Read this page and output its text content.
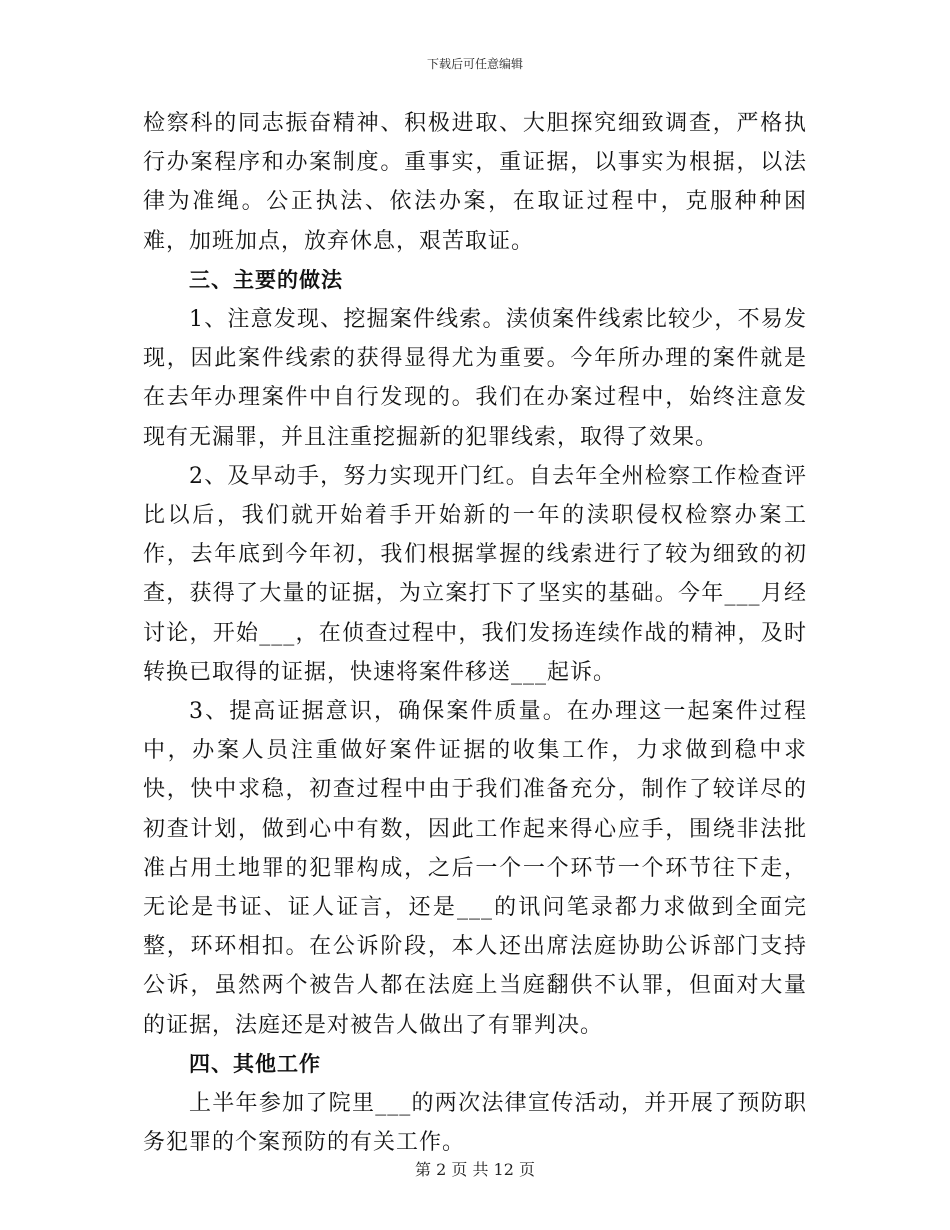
下载后可任意编辑

检察科的同志振奋精神、积极进取、大胆探究细致调查，严格执行办案程序和办案制度。重事实，重证据，以事实为根据，以法律为准绳。公正执法、依法办案，在取证过程中，克服种种困难，加班加点，放弃休息，艰苦取证。

三、主要的做法

1、注意发现、挖掘案件线索。渎侦案件线索比较少，不易发现，因此案件线索的获得显得尤为重要。今年所办理的案件就是在去年办理案件中自行发现的。我们在办案过程中，始终注意发现有无漏罪，并且注重挖掘新的犯罪线索，取得了效果。

2、及早动手，努力实现开门红。自去年全州检察工作检查评比以后，我们就开始着手开始新的一年的渎职侵权检察办案工作，去年底到今年初，我们根据掌握的线索进行了较为细致的初查，获得了大量的证据，为立案打下了坚实的基础。今年___月经讨论，开始___，在侦查过程中，我们发扬连续作战的精神，及时转换已取得的证据，快速将案件移送___起诉。

3、提高证据意识，确保案件质量。在办理这一起案件过程中，办案人员注重做好案件证据的收集工作，力求做到稳中求快，快中求稳，初查过程中由于我们准备充分，制作了较详尽的初查计划，做到心中有数，因此工作起来得心应手，围绕非法批准占用土地罪的犯罪构成，之后一个一个环节一个环节往下走，无论是书证、证人证言，还是___的讯问笔录都力求做到全面完整，环环相扣。在公诉阶段，本人还出席法庭协助公诉部门支持公诉，虽然两个被告人都在法庭上当庭翻供不认罪，但面对大量的证据，法庭还是对被告人做出了有罪判决。

四、其他工作

上半年参加了院里___的两次法律宣传活动，并开展了预防职务犯罪的个案预防的有关工作。

第 2 页 共 12 页
